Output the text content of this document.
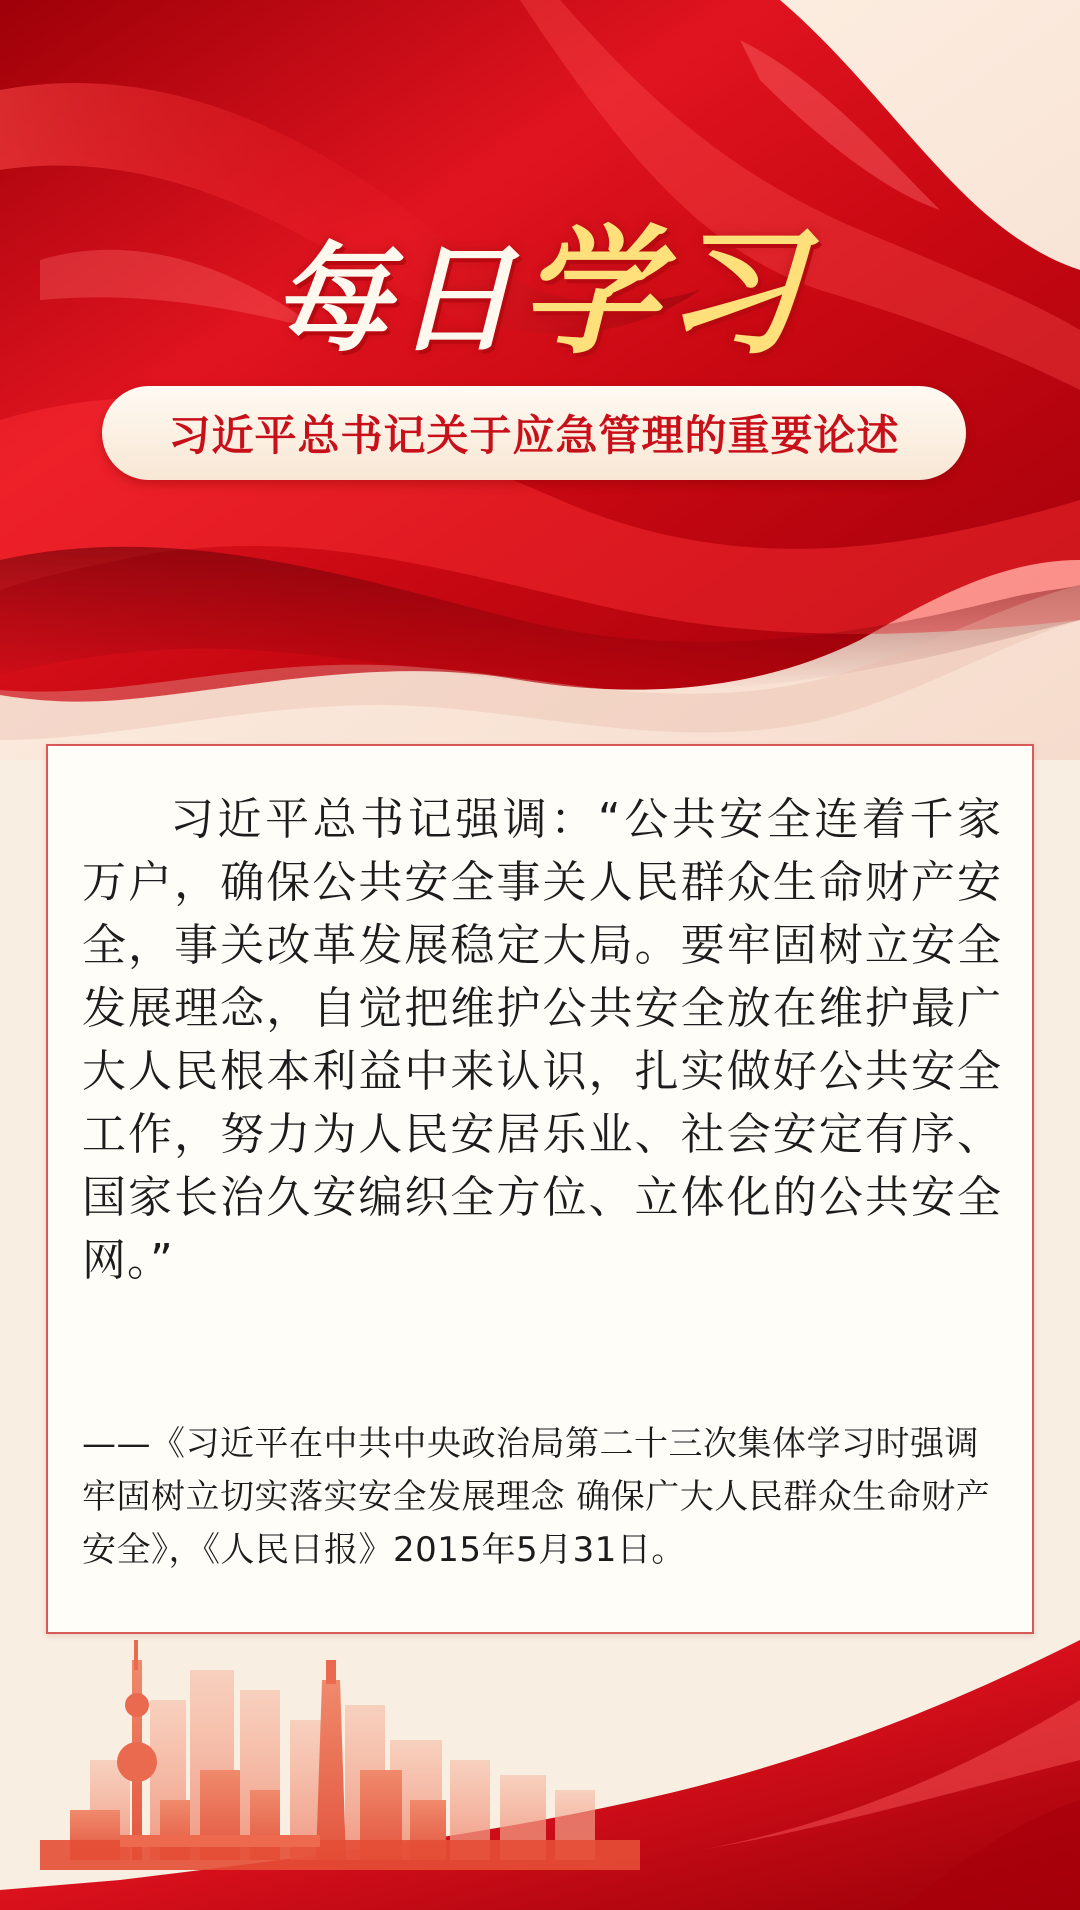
每日学习
习近平总书记关于应急管理的重要论述

习近平总书记强调：“公共安全连着千家万户，确保公共安全事关人民群众生命财产安全，事关改革发展稳定大局。要牢固树立安全发展理念，自觉把维护公共安全放在维护最广大人民根本利益中来认识，扎实做好公共安全工作，努力为人民安居乐业、社会安定有序、国家长治久安编织全方位、立体化的公共安全网。”

——《习近平在中共中央政治局第二十三次集体学习时强调 牢固树立切实落实安全发展理念 确保广大人民群众生命财产安全》，《人民日报》2015年5月31日。
